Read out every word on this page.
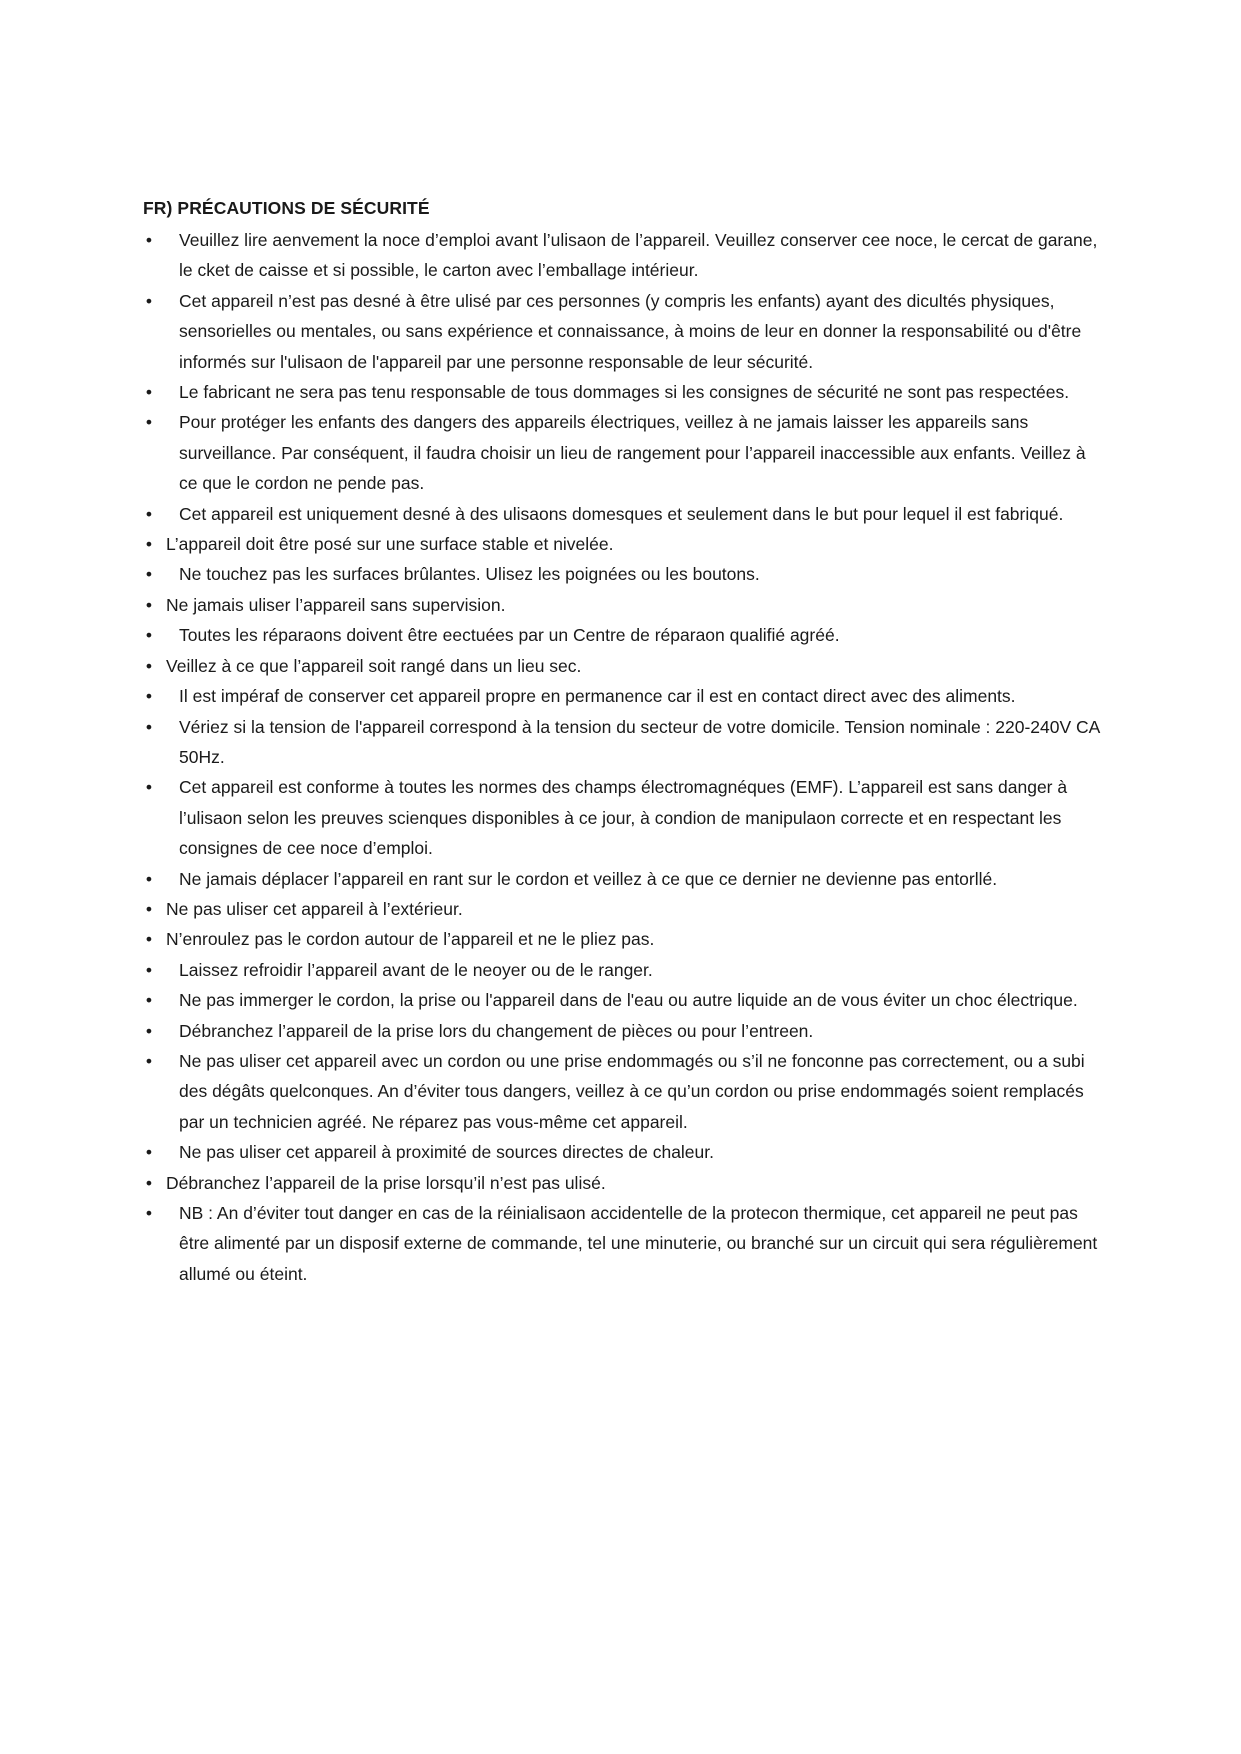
FR) PRÉCAUTIONS DE SÉCURITÉ
• Veuillez lire aenvement la noce d’emploi avant l’ulisaon de l’appareil. Veuillez conserver cee noce, le cercat de garane, le cket de caisse et si possible, le carton avec l’emballage intérieur.
• Cet appareil n’est pas desné à être ulisé par ces personnes (y compris les enfants) ayant des dicultés physiques, sensorielles ou mentales, ou sans expérience et connaissance, à moins de leur en donner la responsabilité ou d'être informés sur l'ulisaon de l'appareil par une personne responsable de leur sécurité.
• Le fabricant ne sera pas tenu responsable de tous dommages si les consignes de sécurité ne sont pas respectées.
• Pour protéger les enfants des dangers des appareils électriques, veillez à ne jamais laisser les appareils sans surveillance. Par conséquent, il faudra choisir un lieu de rangement pour l’appareil inaccessible aux enfants. Veillez à ce que le cordon ne pende pas.
• Cet appareil est uniquement desné à des ulisaons domesques et seulement dans le but pour lequel il est fabriqué.
• L’appareil doit être posé sur une surface stable et nivelée.
• Ne touchez pas les surfaces brûlantes. Ulisez les poignées ou les boutons.
• Ne jamais uliser l’appareil sans supervision.
• Toutes les réparaons doivent être eectuées par un Centre de réparaon qualifié agréé.
• Veillez à ce que l’appareil soit rangé dans un lieu sec.
• Il est impéraf de conserver cet appareil propre en permanence car il est en contact direct avec des aliments.
• Vériez si la tension de l'appareil correspond à la tension du secteur de votre domicile. Tension nominale : 220-240V CA 50Hz.
• Cet appareil est conforme à toutes les normes des champs électromagnéques (EMF). L’appareil est sans danger à l’ulisaon selon les preuves scienques disponibles à ce jour, à condion de manipulaon correcte et en respectant les consignes de cee noce d’emploi.
• Ne jamais déplacer l’appareil en rant sur le cordon et veillez à ce que ce dernier ne devienne pas entorllé.
• Ne pas uliser cet appareil à l’extérieur.
• N’enroulez pas le cordon autour de l’appareil et ne le pliez pas.
• Laissez refroidir l’appareil avant de le neoyer ou de le ranger.
• Ne pas immerger le cordon, la prise ou l'appareil dans de l'eau ou autre liquide an de vous éviter un choc électrique.
• Débranchez l’appareil de la prise lors du changement de pièces ou pour l’entreen.
• Ne pas uliser cet appareil avec un cordon ou une prise endommagés ou s’il ne fonconne pas correctement, ou a subi des dégâts quelconques. An d’éviter tous dangers, veillez à ce qu’un cordon ou prise endommagés soient remplacés par un technicien agréé. Ne réparez pas vous-même cet appareil.
• Ne pas uliser cet appareil à proximité de sources directes de chaleur.
• Débranchez l’appareil de la prise lorsqu’il n’est pas ulisé.
• NB : An d’éviter tout danger en cas de la réinialisaon accidentelle de la protecon thermique, cet appareil ne peut pas être alimenté par un disposif externe de commande, tel une minuterie, ou branché sur un circuit qui sera régulièrement allumé ou éteint.
